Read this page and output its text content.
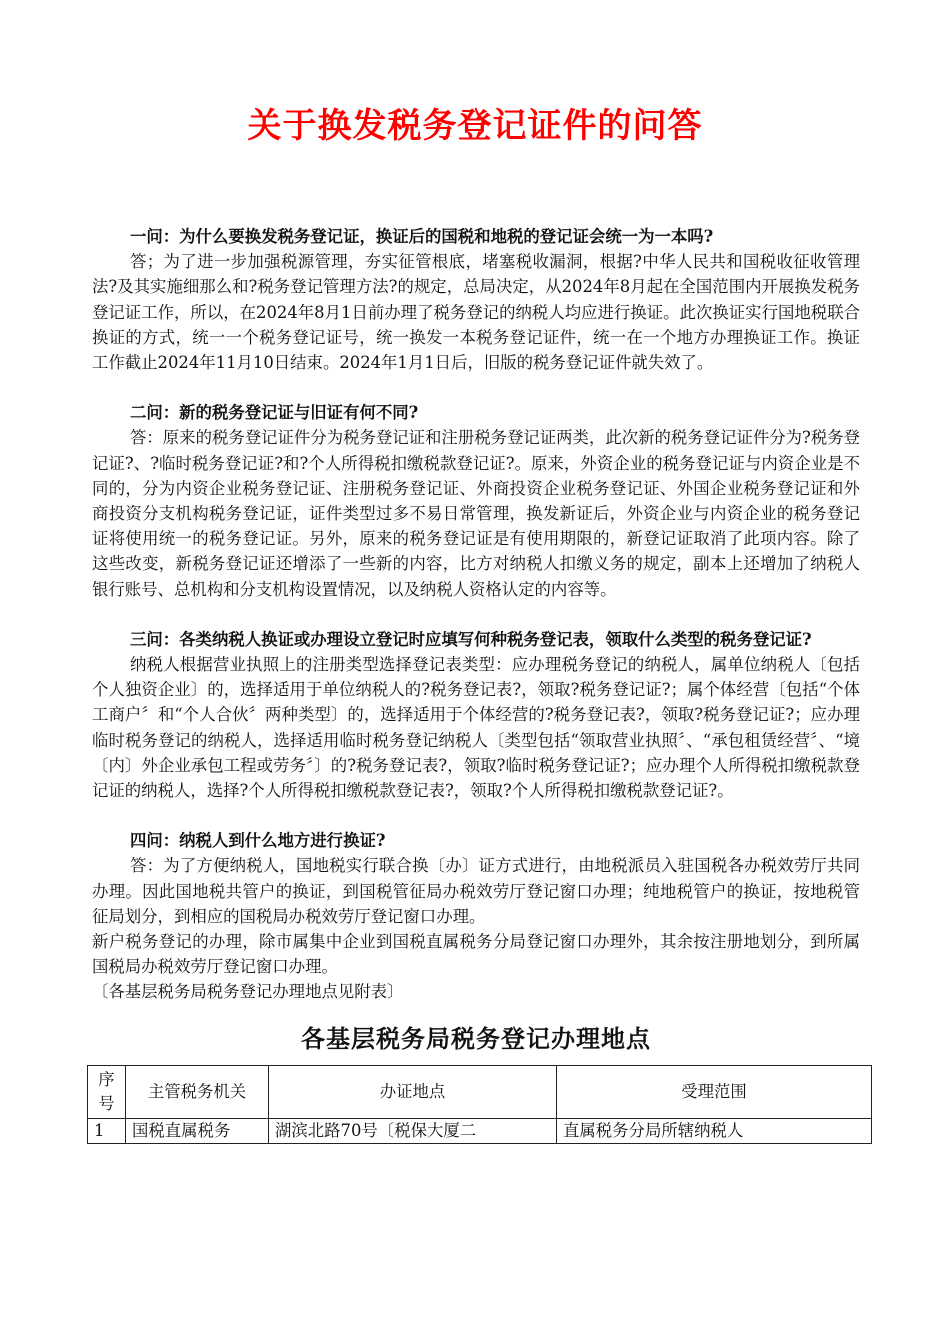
关于换发税务登记证件的问答

一问：为什么要换发税务登记证，换证后的国税和地税的登记证会统一为一本吗?

答；为了进一步加强税源管理，夯实征管根底，堵塞税收漏洞，根据?中华人民共和国税收征收管理法?及其实施细那么和?税务登记管理方法?的规定，总局决定，从2024年8月起在全国范围内开展换发税务登记证工作，所以，在2024年8月1日前办理了税务登记的纳税人均应进行换证。此次换证实行国地税联合换证的方式，统一一个税务登记证号，统一换发一本税务登记证件，统一在一个地方办理换证工作。换证工作截止2024年11月10日结束。2024年1月1日后，旧版的税务登记证件就失效了。

二问：新的税务登记证与旧证有何不同?

答：原来的税务登记证件分为税务登记证和注册税务登记证两类，此次新的税务登记证件分为?税务登记证?、?临时税务登记证?和?个人所得税扣缴税款登记证?。原来，外资企业的税务登记证与内资企业是不同的，分为内资企业税务登记证、注册税务登记证、外商投资企业税务登记证、外国企业税务登记证和外商投资分支机构税务登记证，证件类型过多不易日常管理，换发新证后，外资企业与内资企业的税务登记证将使用统一的税务登记证。另外，原来的税务登记证是有使用期限的，新登记证取消了此项内容。除了这些改变，新税务登记证还增添了一些新的内容，比方对纳税人扣缴义务的规定，副本上还增加了纳税人银行账号、总机构和分支机构设置情况，以及纳税人资格认定的内容等。

三问：各类纳税人换证或办理设立登记时应填写何种税务登记表，领取什么类型的税务登记证?

纳税人根据营业执照上的注册类型选择登记表类型：应办理税务登记的纳税人，属单位纳税人〔包括个人独资企业〕的，选择适用于单位纳税人的?税务登记表?，领取?税务登记证?；属个体经营〔包括“个体工商户〞和“个人合伙〞两种类型〕的，选择适用于个体经营的?税务登记表?，领取?税务登记证?；应办理临时税务登记的纳税人，选择适用临时税务登记纳税人〔类型包括“领取营业执照〞、“承包租赁经营〞、“境〔内〕外企业承包工程或劳务〞〕的?税务登记表?，领取?临时税务登记证?；应办理个人所得税扣缴税款登记证的纳税人，选择?个人所得税扣缴税款登记表?，领取?个人所得税扣缴税款登记证?。

四问：纳税人到什么地方进行换证?

答：为了方便纳税人，国地税实行联合换〔办〕证方式进行，由地税派员入驻国税各办税效劳厅共同办理。因此国地税共管户的换证，到国税管征局办税效劳厅登记窗口办理；纯地税管户的换证，按地税管征局划分，到相应的国税局办税效劳厅登记窗口办理。

新户税务登记的办理，除市属集中企业到国税直属税务分局登记窗口办理外，其余按注册地划分，到所属国税局办税效劳厅登记窗口办理。

〔各基层税务局税务登记办理地点见附表〕

各基层税务局税务登记办理地点
序号	主管税务机关	办证地点	受理范围
1	国税直属税务	湖滨北路70号〔税保大厦二	直属税务分局所辖纳税人
